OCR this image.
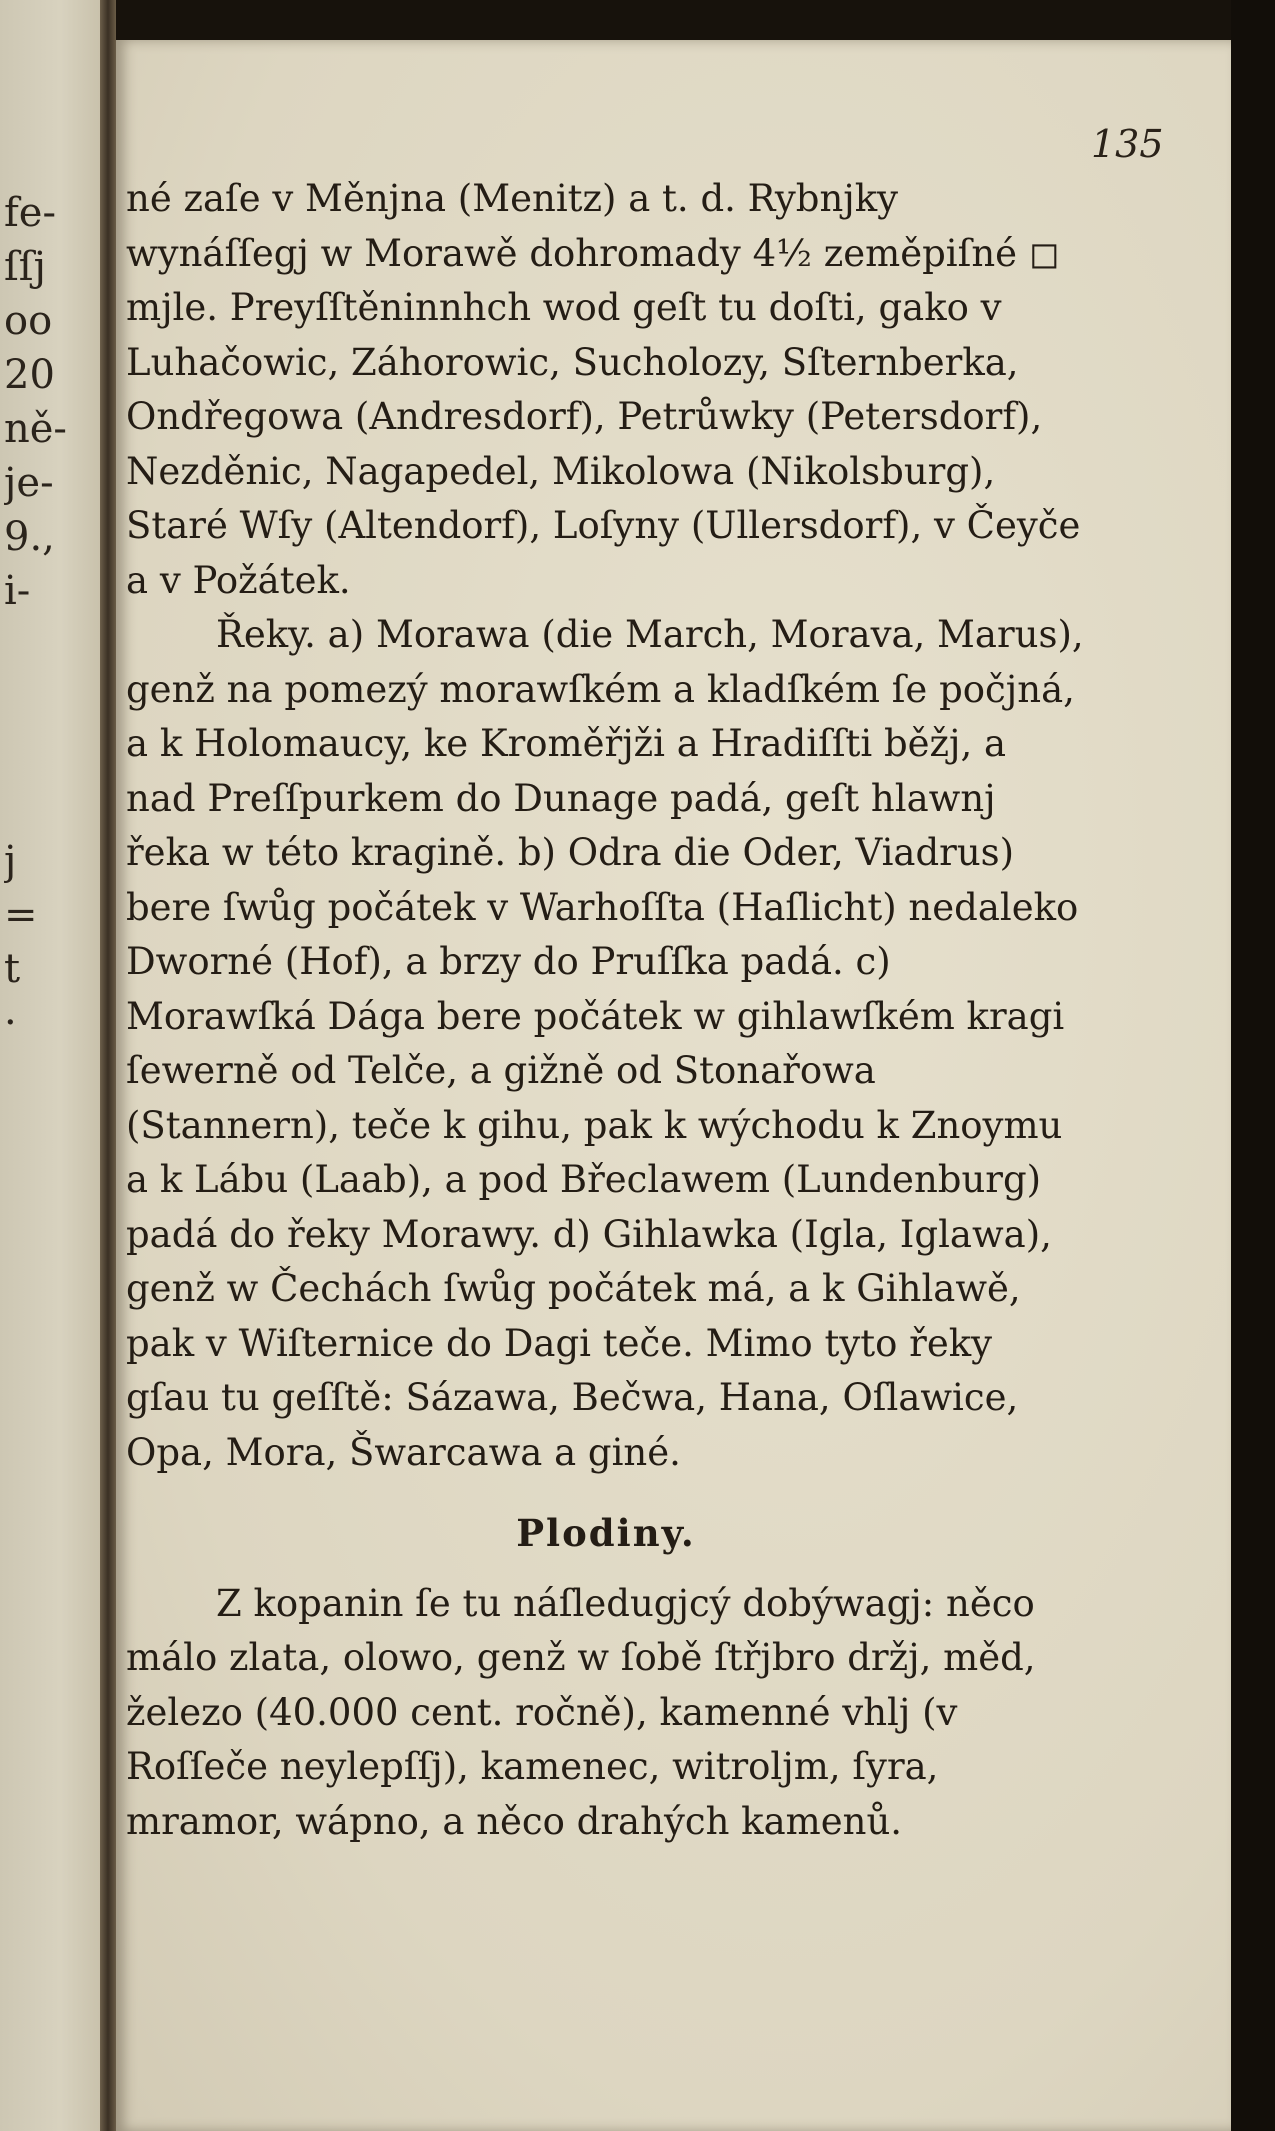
fe-
ſſj
oo
20
ně-
je-
9.,
i-
j
=
t
·
135

né zaſe v Měnjna (Menitz) a t. d. Rybnjky wynáſſegj w Morawě dohromady 4½ zeměpiſné ◻ mjle. Preyſſtěninnhch wod geſt tu doſti, gako v Luhačowic, Záhorowic, Sucholozy, Sſternberka, Ondřegowa (Andresdorf), Petrůwky (Petersdorf), Nezděnic, Nagapedel, Mikolowa (Nikolsburg), Staré Wſy (Altendorf), Loſyny (Ullersdorf), v Čeyče a v Požátek.

Řeky. a) Morawa (die March, Morava, Marus), genž na pomezý morawſkém a kladſkém ſe počjná, a k Holomaucy, ke Kroměřjži a Hradiſſti běžj, a nad Preſſpurkem do Dunage padá, geſt hlawnj řeka w této kragině. b) Odra die Oder, Viadrus) bere ſwůg počátek v Warhoſſta (Haſlicht) nedaleko Dworné (Hof), a brzy do Pruſſka padá. c) Morawſká Dága bere počátek w gihlawſkém kragi ſewerně od Telče, a gižně od Stonařowa (Stannern), teče k gihu, pak k wýchodu k Znoymu a k Lábu (Laab), a pod Břeclawem (Lundenburg) padá do řeky Morawy. d) Gihlawka (Igla, Iglawa), genž w Čechách ſwůg počátek má, a k Gihlawě, pak v Wiſternice do Dagi teče. Mimo tyto řeky gſau tu geſſtě: Sázawa, Bečwa, Hana, Oſlawice, Opa, Mora, Šwarcawa a giné.

Plodiny.

Z kopanin ſe tu náſledugjcý dobýwagj: něco málo zlata, olowo, genž w ſobě ſtřjbro držj, měd, železo (40.000 cent. ročně), kamenné vhlj (v Roſſeče neylepſſj), kamenec, witroljm, ſyra, mramor, wápno, a něco drahých kamenů.
